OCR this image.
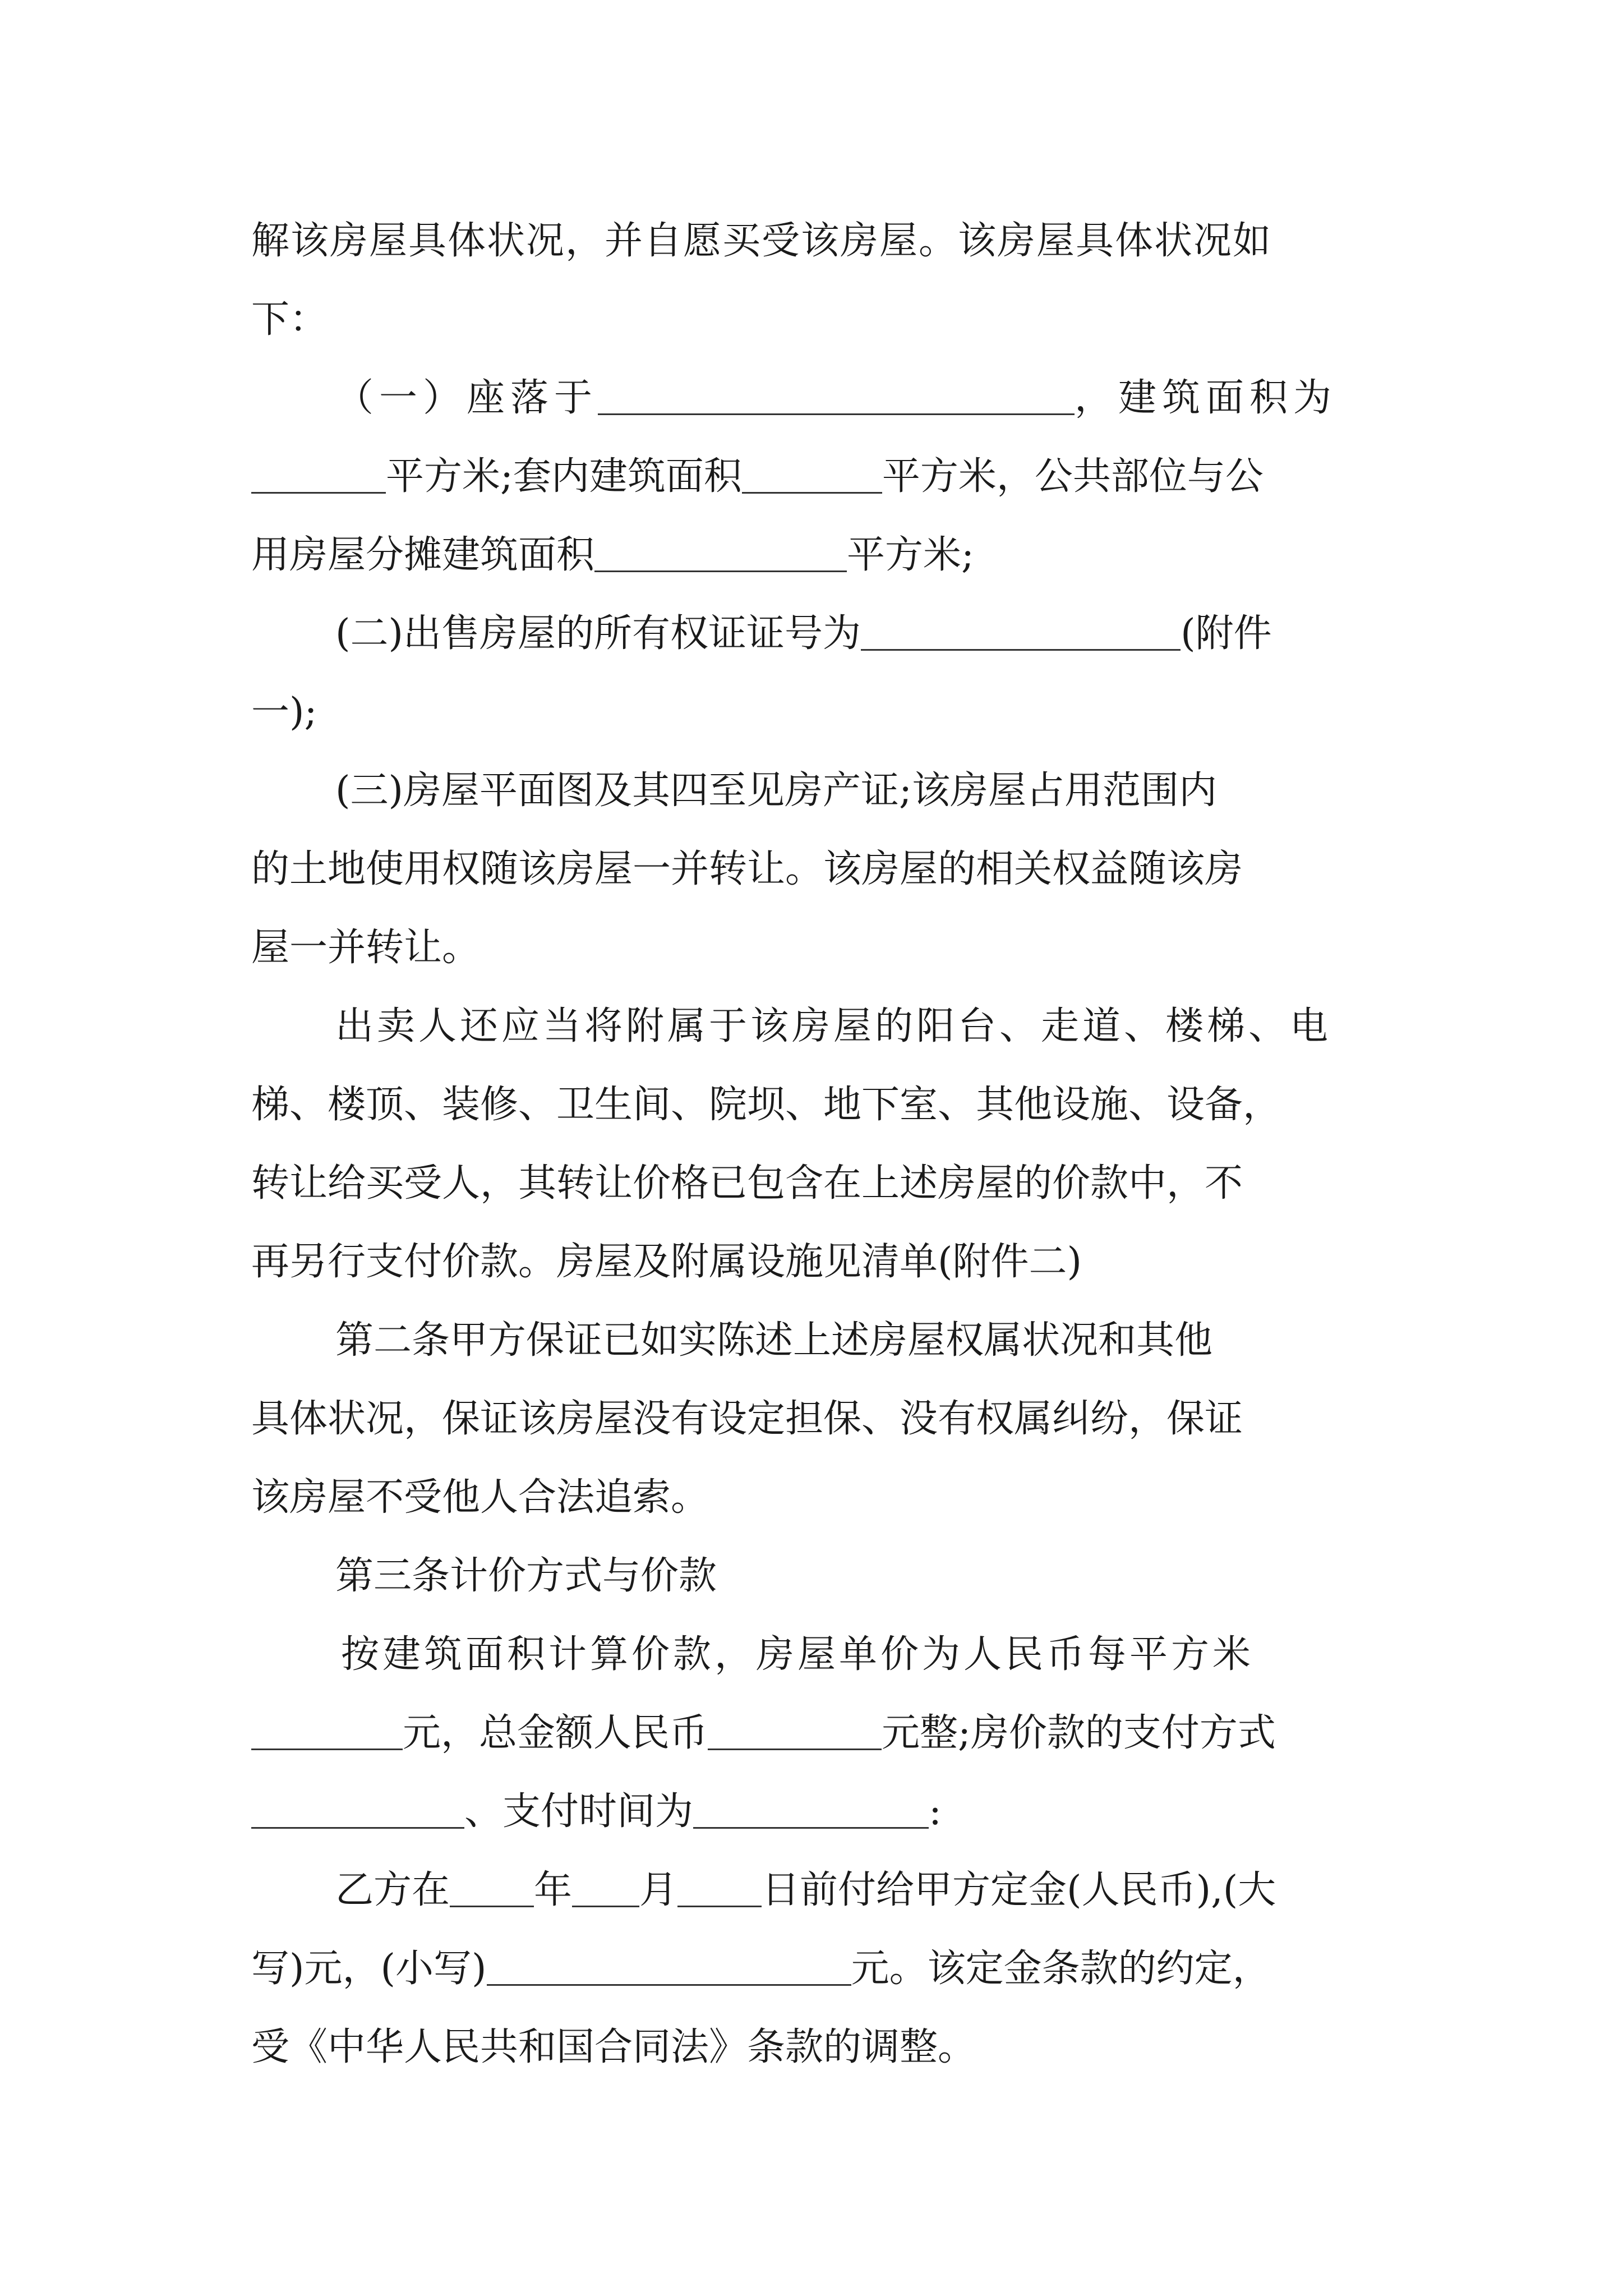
解该房屋具体状况，并自愿买受该房屋。该房屋具体状况如
下：
（一）座落于	，建筑面积为
平方米;套内建筑面积	平方米，公共部位与公
用房屋分摊建筑面积	平方米;
(二)出售房屋的所有权证证号为	(附件
一);
(三)房屋平面图及其四至见房产证;该房屋占用范围内
的土地使用权随该房屋一并转让。该房屋的相关权益随该房
屋一并转让。
出卖人还应当将附属于该房屋的阳台、走道、楼梯、电
梯、楼顶、装修、卫生间、院坝、地下室、其他设施、设备，
转让给买受人，其转让价格已包含在上述房屋的价款中，不
再另行支付价款。房屋及附属设施见清单(附件二)
第二条甲方保证已如实陈述上述房屋权属状况和其他
具体状况，保证该房屋没有设定担保、没有权属纠纷，保证
该房屋不受他人合法追索。
第三条计价方式与价款
按建筑面积计算价款，房屋单价为人民币每平方米
元，总金额人民币	元整;房价款的支付方式
、支付时间为	:
乙方在 年 月 日前付给甲方定金(人民币),(大
写)元，(小写)	元。该定金条款的约定，
受《中华人民共和国合同法》条款的调整。
